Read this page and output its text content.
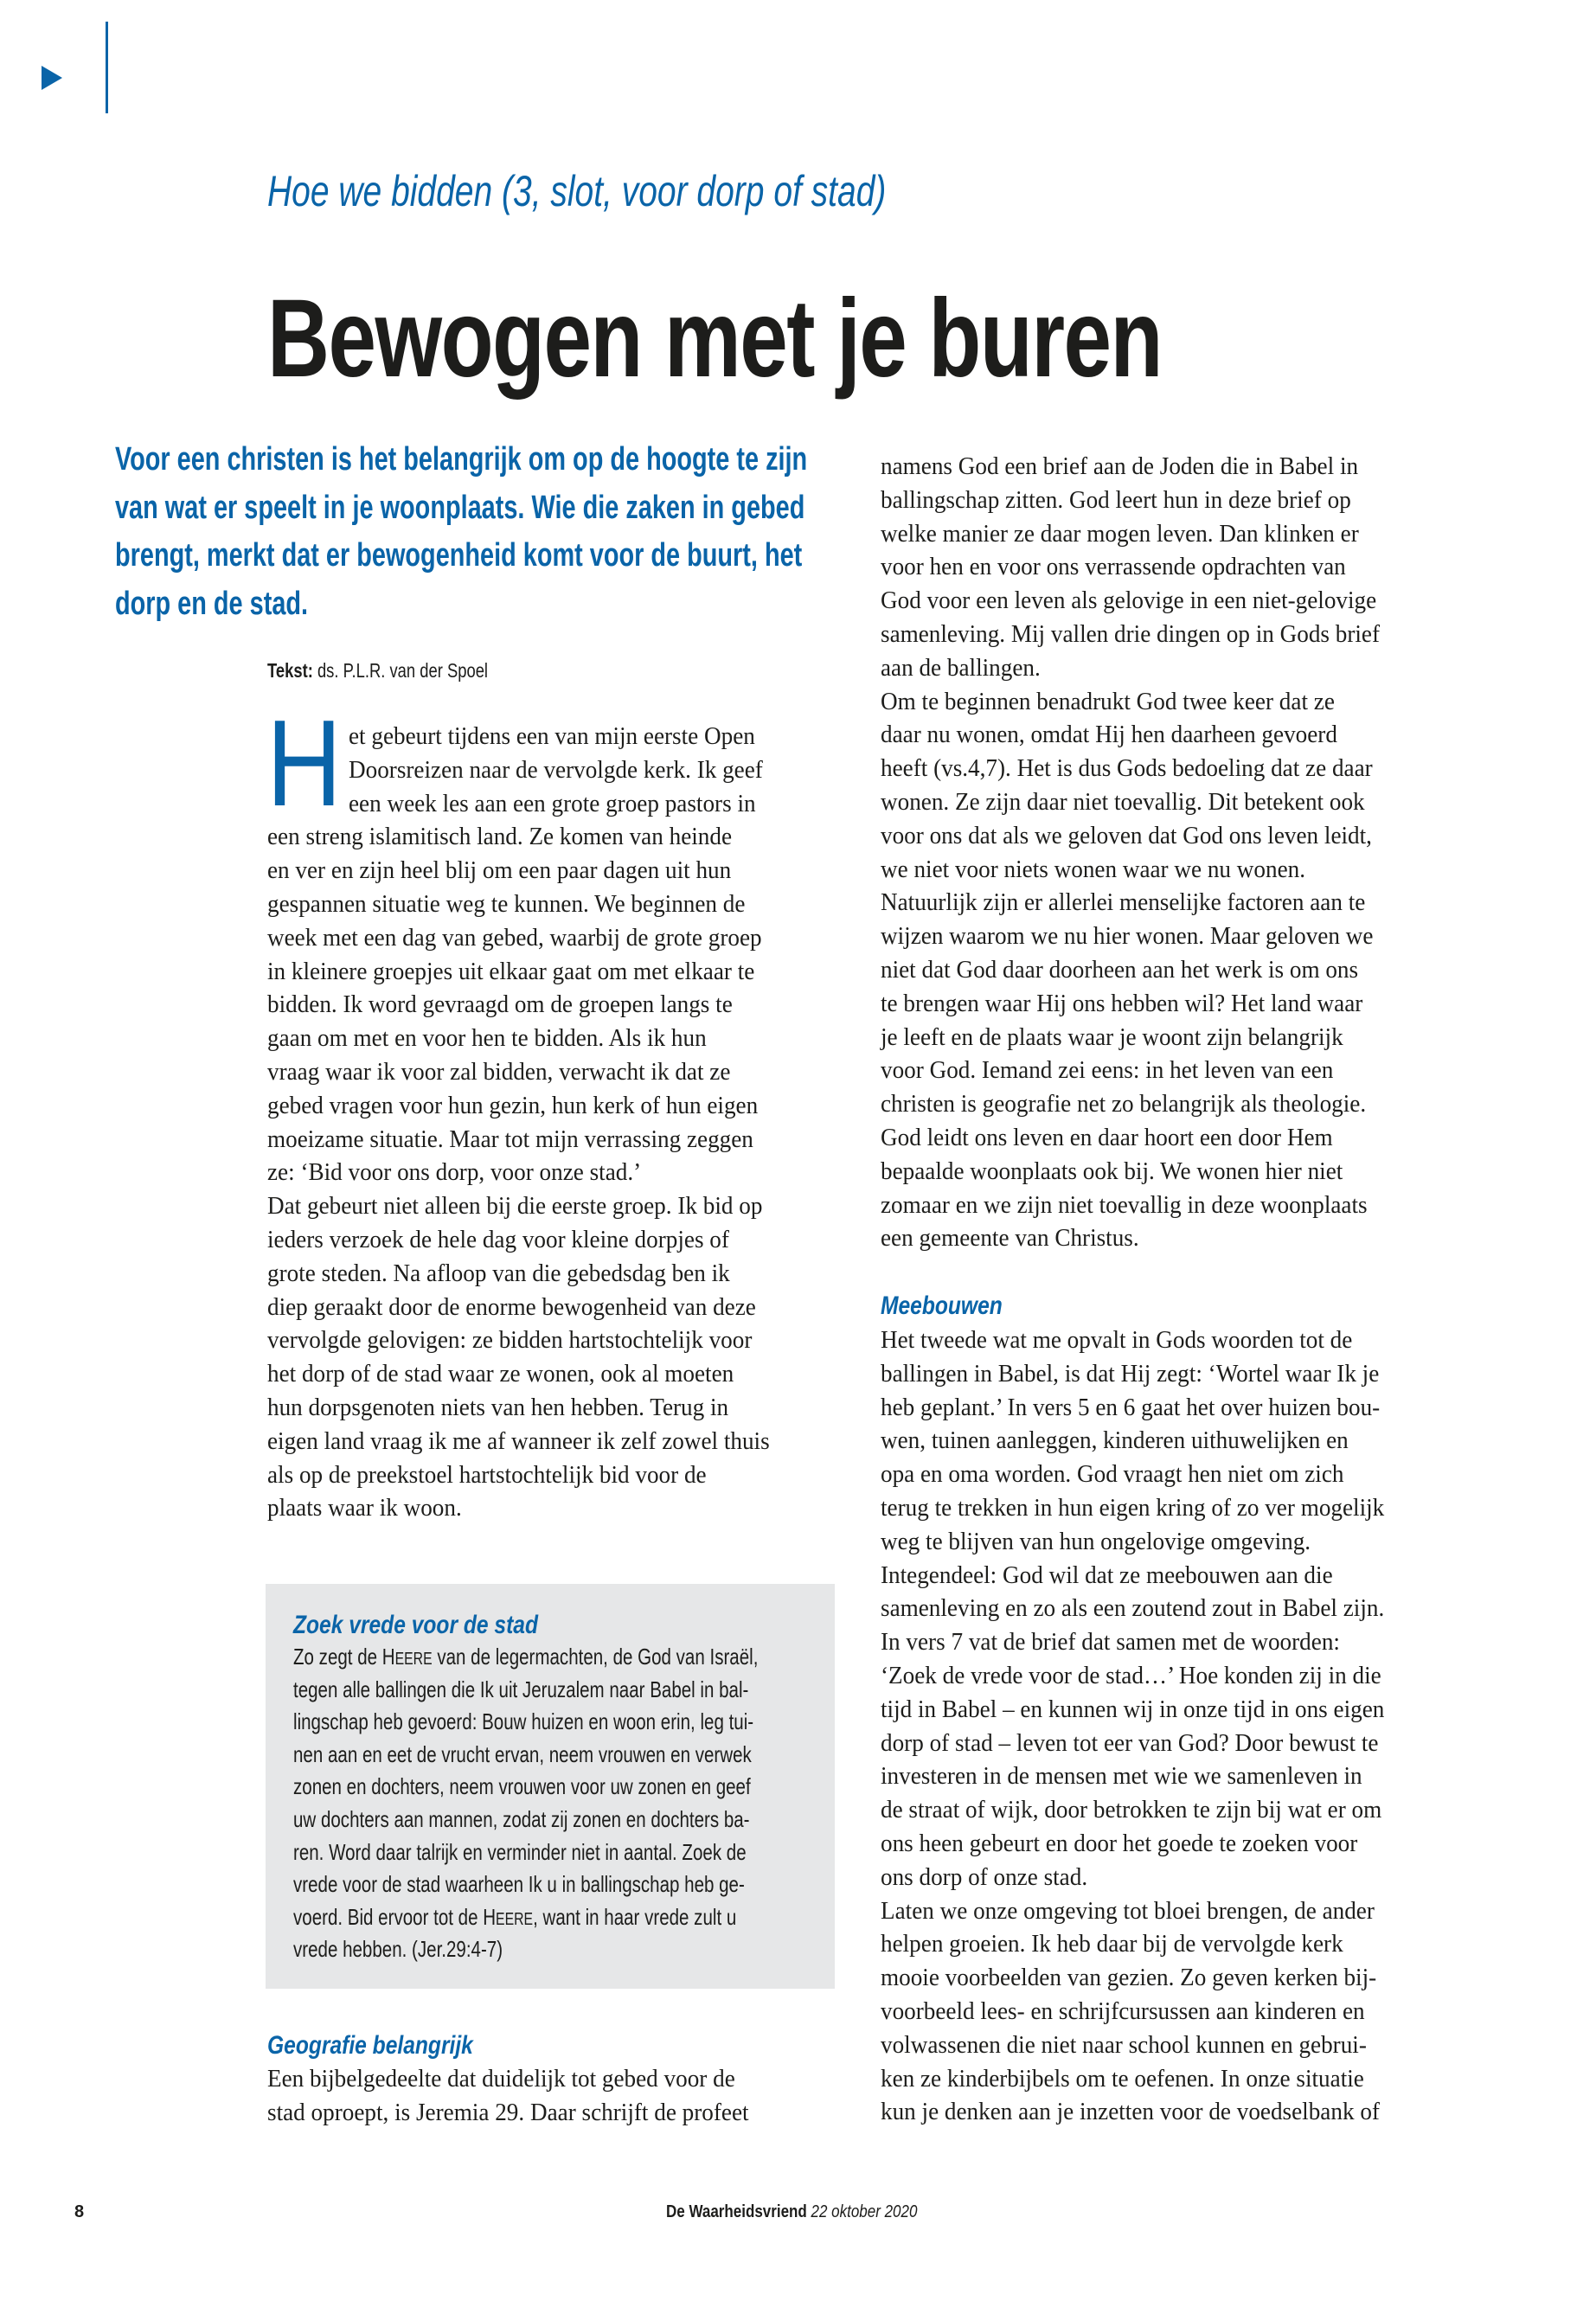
Hoe we bidden (3, slot, voor dorp of stad)
Bewogen met je buren
Voor een christen is het belangrijk om op de hoogte te zijn
van wat er speelt in je woonplaats. Wie die zaken in gebed
brengt, merkt dat er bewogenheid komt voor de buurt, het
dorp en de stad.
Tekst: ds. P.L.R. van der Spoel
H et gebeurt tijdens een van mijn eerste Open
Doorsreizen naar de vervolgde kerk. Ik geef
een week les aan een grote groep pastors in
een streng islamitisch land. Ze komen van heinde
en ver en zijn heel blij om een paar dagen uit hun
gespannen situatie weg te kunnen. We beginnen de
week met een dag van gebed, waarbij de grote groep
in kleinere groepjes uit elkaar gaat om met elkaar te
bidden. Ik word gevraagd om de groepen langs te
gaan om met en voor hen te bidden. Als ik hun
vraag waar ik voor zal bidden, verwacht ik dat ze
gebed vragen voor hun gezin, hun kerk of hun eigen
moeizame situatie. Maar tot mijn verrassing zeggen
ze: ‘Bid voor ons dorp, voor onze stad.’
Dat gebeurt niet alleen bij die eerste groep. Ik bid op
ieders verzoek de hele dag voor kleine dorpjes of
grote steden. Na afloop van die gebedsdag ben ik
diep geraakt door de enorme bewogenheid van deze
vervolgde gelovigen: ze bidden hartstochtelijk voor
het dorp of de stad waar ze wonen, ook al moeten
hun dorpsgenoten niets van hen hebben. Terug in
eigen land vraag ik me af wanneer ik zelf zowel thuis
als op de preekstoel hartstochtelijk bid voor de
plaats waar ik woon.
Zoek vrede voor de stad
Zo zegt de HEERE van de legermachten, de God van Israël,
tegen alle ballingen die Ik uit Jeruzalem naar Babel in bal-
lingschap heb gevoerd: Bouw huizen en woon erin, leg tui-
nen aan en eet de vrucht ervan, neem vrouwen en verwek
zonen en dochters, neem vrouwen voor uw zonen en geef
uw dochters aan mannen, zodat zij zonen en dochters ba-
ren. Word daar talrijk en verminder niet in aantal. Zoek de
vrede voor de stad waarheen Ik u in ballingschap heb ge-
voerd. Bid ervoor tot de HEERE, want in haar vrede zult u
vrede hebben. (Jer.29:4-7)
Geografie belangrijk
Een bijbelgedeelte dat duidelijk tot gebed voor de
stad oproept, is Jeremia 29. Daar schrijft de profeet
namens God een brief aan de Joden die in Babel in
ballingschap zitten. God leert hun in deze brief op
welke manier ze daar mogen leven. Dan klinken er
voor hen en voor ons verrassende opdrachten van
God voor een leven als gelovige in een niet-gelovige
samenleving. Mij vallen drie dingen op in Gods brief
aan de ballingen.
Om te beginnen benadrukt God twee keer dat ze
daar nu wonen, omdat Hij hen daarheen gevoerd
heeft (vs.4,7). Het is dus Gods bedoeling dat ze daar
wonen. Ze zijn daar niet toevallig. Dit betekent ook
voor ons dat als we geloven dat God ons leven leidt,
we niet voor niets wonen waar we nu wonen.
Natuurlijk zijn er allerlei menselijke factoren aan te
wijzen waarom we nu hier wonen. Maar geloven we
niet dat God daar doorheen aan het werk is om ons
te brengen waar Hij ons hebben wil? Het land waar
je leeft en de plaats waar je woont zijn belangrijk
voor God. Iemand zei eens: in het leven van een
christen is geografie net zo belangrijk als theologie.
God leidt ons leven en daar hoort een door Hem
bepaalde woonplaats ook bij. We wonen hier niet
zomaar en we zijn niet toevallig in deze woonplaats
een gemeente van Christus.
Meebouwen
Het tweede wat me opvalt in Gods woorden tot de
ballingen in Babel, is dat Hij zegt: ‘Wortel waar Ik je
heb geplant.’ In vers 5 en 6 gaat het over huizen bou-
wen, tuinen aanleggen, kinderen uithuwelijken en
opa en oma worden. God vraagt hen niet om zich
terug te trekken in hun eigen kring of zo ver mogelijk
weg te blijven van hun ongelovige omgeving.
Integendeel: God wil dat ze meebouwen aan die
samenleving en zo als een zoutend zout in Babel zijn.
In vers 7 vat de brief dat samen met de woorden:
‘Zoek de vrede voor de stad…’ Hoe konden zij in die
tijd in Babel – en kunnen wij in onze tijd in ons eigen
dorp of stad – leven tot eer van God? Door bewust te
investeren in de mensen met wie we samenleven in
de straat of wijk, door betrokken te zijn bij wat er om
ons heen gebeurt en door het goede te zoeken voor
ons dorp of onze stad.
Laten we onze omgeving tot bloei brengen, de ander
helpen groeien. Ik heb daar bij de vervolgde kerk
mooie voorbeelden van gezien. Zo geven kerken bij-
voorbeeld lees- en schrijfcursussen aan kinderen en
volwassenen die niet naar school kunnen en gebrui-
ken ze kinderbijbels om te oefenen. In onze situatie
kun je denken aan je inzetten voor de voedselbank of
8	De Waarheidsvriend 22 oktober 2020
